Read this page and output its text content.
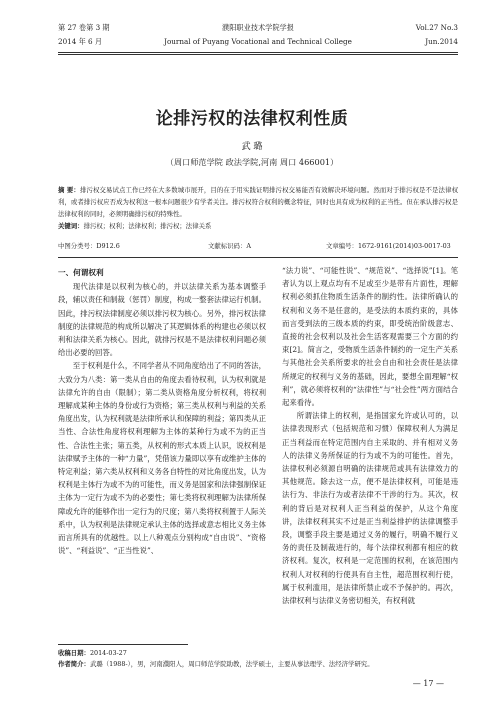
第 27 卷第 3 期
2014 年 6 月
濮阳职业技术学院学报
Journal of Puyang Vocational and Technical College
Vol.27 No.3
Jun.2014
论排污权的法律权利性质
武 璐
（周口师范学院 政法学院,河南 周口 466001）
摘 要：排污权交易试点工作已经在大多数城市展开，目的在于用实践证明排污权交易能否有效解决环境问题。然而对于排污权是不是法律权利，或者排污权应否成为权利这一根本问题很少有学者关注。排污权符合权利的概念特征，同时也具有成为权利的正当性。但在承认排污权是法律权利的同时，必须明确排污权的特殊性。
关键词：排污权；权利；法律权利；排污权；法律关系
中图分类号：D912.6	文献标识码：A	文章编号：1672-9161(2014)03-0017-03
一、何谓权利

现代法律是以权利为核心的，并以法律关系为基本调整手段，辅以责任和制裁（惩罚）制度，构成一整套法律运行机制。因此，排污权法律制度必须以排污权为核心。另外，排污权法律制度的法律规范的构成所以解决了其逻辑体系的构建也必须以权利和法律关系为核心。因此，就排污权是不是法律权利问题必须给出必要的回答。

至于权利是什么，不同学者从不同角度给出了不同的答法，大致分为八类：第一类从自由的角度去看待权利，认为权利就是法律允许的自由（限制）；第二类从资格角度分析权利，将权利理解成某种主体的身份或行为资格；第三类从权利与利益的关系角度出发，认为权利就是法律所承认和保障的利益；第四类从正当性、合法性角度将权利理解为主体的某种行为或不为的正当性、合法性主张；第五类，从权利的形式本质上认识，说权利是法律赋予主体的一种“力量”，凭借该力量即以享有或维护主体的特定利益；第六类从权利和义务各自特性的对比角度出发，认为权利是主体行为或不为的可能性，而义务是国家和法律强制保证主体为一定行为或不为的必要性；第七类将权利理解为法律所保障或允许的能够作出一定行为的尺度；第八类将权利置于人际关系中，认为权利是法律规定承认主体的选择或意志相比义务主体而言所具有的优越性。以上八种观点分别构成“自由说”、“资格说”、“利益说”、“正当性说”、

“法力说”、“可能性说”、“规范说”、“选择说”[1]。笔者认为以上观点均有不足或至少是带有片面性，理解权利必须抓住物质生活条件的制约性。法律所确认的权利和义务不是任意的，是受法的本质约束的，具体而言受到法的三级本质的约束，即受统治阶级意志、直接的社会权利以及社会生活客观需要三个方面的约束[2]。简言之，受物质生活条件制约的一定生产关系与其他社会关系所要求的社会自由和社会责任是法律所规定的权利与义务的基础，因此，要想全面理解“权利”，就必须将权利的“法律性”与“社会性”两方面结合起来看待。

所谓法律上的权利，是指国家允许或认可的，以法律表现形式（包括规范和习惯）保障权利人为满足正当利益而在特定范围内自主采取的、并有相对义务人的法律义务所保证的行为或不为的可能性。首先，法律权利必须源自明确的法律规范或具有法律效力的其他规范。除去这一点，便不是法律权利，可能是违法行为、非法行为或者法律不干涉的行为。其次，权利的背后是对权利人正当利益的保护，从这个角度讲，法律权利其实不过是正当利益排护的法律调整手段，调整手段主要是通过义务的履行，明确不履行义务的责任及制裁进行的，每个法律权利都有相应的救济权利。复次，权利是一定范围的权利，在该范围内权利人对权利的行使具有自主性，超范围权利行使，属于权利滥用，是法律所禁止或不予保护的。再次，法律权利与法律义务密切相关，有权利就

收稿日期：2014-03-27
作者简介：武璐（1988-），男，河南濮阳人，周口师范学院助教，法学硕士，主要从事法理学、法经济学研究。
— 17 —
